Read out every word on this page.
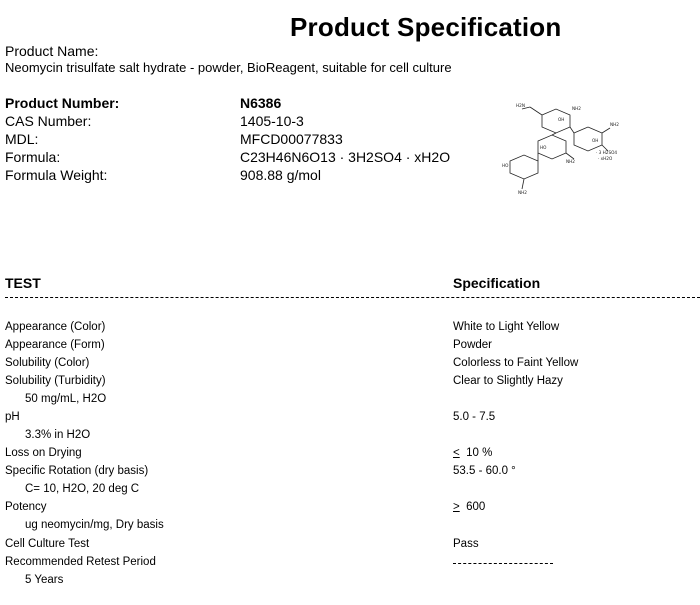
Product Specification
Product Name:
Neomycin trisulfate salt hydrate - powder, BioReagent, suitable for cell culture
Product Number:	N6386
CAS Number:	1405-10-3
MDL:	MFCD00077833
Formula:	C23H46N6O13 · 3H2SO4 · xH2O
Formula Weight:	908.88 g/mol
H2N
NH2
NH2
NH2
NH2
OH
OH
HO
HO
· 3 H2SO4
· xH2O
TEST	Specification
Appearance (Color)	White to Light Yellow
Appearance (Form)	Powder
Solubility (Color)	Colorless to Faint Yellow
Solubility (Turbidity)	Clear to Slightly Hazy
50 mg/mL, H2O
pH	5.0 - 7.5
3.3% in H2O
Loss on Drying	≤ 10 %
Specific Rotation (dry basis)	53.5 - 60.0 °
C= 10, H2O, 20 deg C
Potency	≥ 600
ug neomycin/mg, Dry basis
Cell Culture Test	Pass
Recommended Retest Period
5 Years
